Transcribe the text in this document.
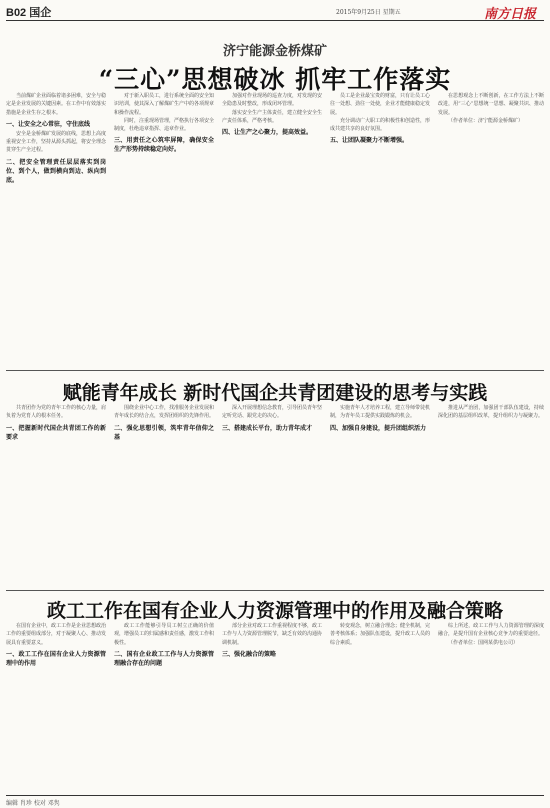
B02 国企	2015年9月25日 星期五	南方日报
济宁能源金桥煤矿
“三心”思想破冰 抓牢工作落实

当前煤矿企业面临着诸多困难，安全与稳定是企业发展的关键因素。在工作中有效落实措施是企业生存之根本。

一、让安全之心常驻，守住底线

安全是金桥煤矿发展的底线，思想上高度重视安全工作，坚持从源头抓起，将安全理念贯穿生产全过程。

二、把安全管理责任层层落实到岗位、到个人，做到横向到边、纵向到底。

对于新入职员工，进行系统全面的安全知识培训，使其深入了解煤矿生产中的各项规章和操作流程。

同时，注重现场管理，严格执行各项安全制度，杜绝违章指挥、违章作业。

三、用责任之心筑牢屏障，确保安全生产形势持续稳定向好。

加强对作业现场的巡查力度，对发现的安全隐患及时整改，形成闭环管理。

落实安全生产主体责任，建立健全安全生产责任体系，严格考核。

四、让生产之心聚力，提高效益。

员工是企业最宝贵的财富，只有让员工心往一处想、劲往一处使，企业才能健康稳定发展。

充分调动广大职工的积极性和创造性，形成共建共享的良好氛围。

五、让团队凝聚力不断增强。

在思想观念上不断创新，在工作方法上不断改进，用“三心”思想统一思想、凝聚共识、推动发展。

（作者单位：济宁能源金桥煤矿）

赋能青年成长 新时代国企共青团建设的思考与实践

共青团作为党的青年工作的核心力量，肩负着为党育人的根本任务。

一、把握新时代国企共青团工作的新要求

围绕企业中心工作，找准服务企业发展和青年成长的结合点，发挥团组织的先锋作用。

二、强化思想引领，筑牢青年信仰之基

深入开展理想信念教育，引导团员青年坚定听党话、跟党走的决心。

三、搭建成长平台，助力青年成才

实施青年人才培养工程，建立导师带徒机制，为青年员工提供实践锻炼的机会。

四、加强自身建设，提升团组织活力

推进从严治团，加强团干部队伍建设，持续深化团的基层组织改革，提升组织力与凝聚力。

政工工作在国有企业人力资源管理中的作用及融合策略

在国有企业中，政工工作是企业思想政治工作的重要组成部分，对于凝聚人心、推动发展具有重要意义。

一、政工工作在国有企业人力资源管理中的作用

政工工作能够引导员工树立正确的价值观，增强员工的归属感和责任感，激发工作积极性。

二、国有企业政工工作与人力资源管理融合存在的问题

部分企业对政工工作重视程度不够，政工工作与人力资源管理脱节，缺乏有效的沟通协调机制。

三、强化融合的策略

转变观念，树立融合理念；健全机制，完善考核体系；加强队伍建设，提升政工人员的综合素质。

综上所述，政工工作与人力资源管理的深度融合，是提升国有企业核心竞争力的重要途径。

（作者单位：国网某供电公司）

编辑 肖珍 校对 邓隽
